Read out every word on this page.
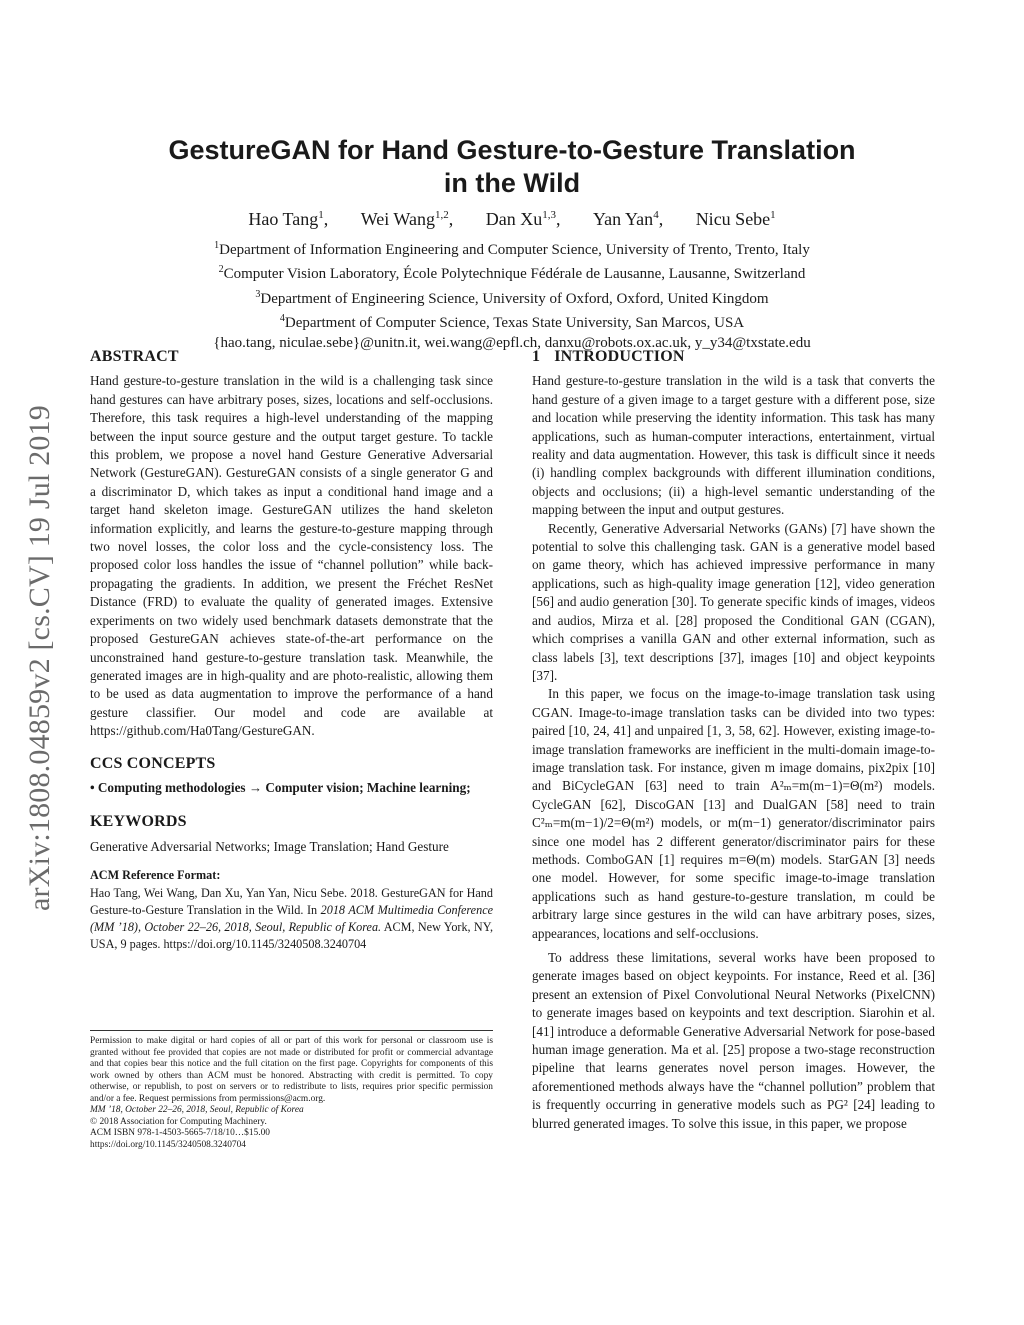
arXiv:1808.04859v2 [cs.CV] 19 Jul 2019
GestureGAN for Hand Gesture-to-Gesture Translation
in the Wild
Hao Tang$^1$, Wei Wang$^{1,2}$, Dan Xu$^{1,3}$, Yan Yan$^4$, Nicu Sebe$^1$
$^1$Department of Information Engineering and Computer Science, University of Trento, Trento, Italy
$^2$Computer Vision Laboratory, École Polytechnique Fédérale de Lausanne, Lausanne, Switzerland
$^3$Department of Engineering Science, University of Oxford, Oxford, United Kingdom
$^4$Department of Computer Science, Texas State University, San Marcos, USA
{hao.tang, niculae.sebe}@unitn.it, wei.wang@epfl.ch, danxu@robots.ox.ac.uk, y_y34@txstate.edu
ABSTRACT

Hand gesture-to-gesture translation in the wild is a challenging task since hand gestures can have arbitrary poses, sizes, locations and self-occlusions. Therefore, this task requires a high-level understanding of the mapping between the input source gesture and the output target gesture. To tackle this problem, we propose a novel hand Gesture Generative Adversarial Network (GestureGAN). GestureGAN consists of a single generator G and a discriminator D, which takes as input a conditional hand image and a target hand skeleton image. GestureGAN utilizes the hand skeleton information explicitly, and learns the gesture-to-gesture mapping through two novel losses, the color loss and the cycle-consistency loss. The proposed color loss handles the issue of “channel pollution” while back-propagating the gradients. In addition, we present the Fréchet ResNet Distance (FRD) to evaluate the quality of generated images. Extensive experiments on two widely used benchmark datasets demonstrate that the proposed GestureGAN achieves state-of-the-art performance on the unconstrained hand gesture-to-gesture translation task. Meanwhile, the generated images are in high-quality and are photo-realistic, allowing them to be used as data augmentation to improve the performance of a hand gesture classifier. Our model and code are available at https://github.com/Ha0Tang/GestureGAN.

CCS CONCEPTS

• Computing methodologies → Computer vision; Machine learning;

KEYWORDS

Generative Adversarial Networks; Image Translation; Hand Gesture

ACM Reference Format:
Hao Tang, Wei Wang, Dan Xu, Yan Yan, Nicu Sebe. 2018. GestureGAN for Hand Gesture-to-Gesture Translation in the Wild. In 2018 ACM Multimedia Conference (MM ’18), October 22–26, 2018, Seoul, Republic of Korea. ACM, New York, NY, USA, 9 pages. https://doi.org/10.1145/3240508.3240704
Permission to make digital or hard copies of all or part of this work for personal or classroom use is granted without fee provided that copies are not made or distributed for profit or commercial advantage and that copies bear this notice and the full citation on the first page. Copyrights for components of this work owned by others than ACM must be honored. Abstracting with credit is permitted. To copy otherwise, or republish, to post on servers or to redistribute to lists, requires prior specific permission and/or a fee. Request permissions from permissions@acm.org.
MM ’18, October 22–26, 2018, Seoul, Republic of Korea
© 2018 Association for Computing Machinery.
ACM ISBN 978-1-4503-5665-7/18/10…$15.00
https://doi.org/10.1145/3240508.3240704
1 INTRODUCTION

Hand gesture-to-gesture translation in the wild is a task that converts the hand gesture of a given image to a target gesture with a different pose, size and location while preserving the identity information. This task has many applications, such as human-computer interactions, entertainment, virtual reality and data augmentation. However, this task is difficult since it needs (i) handling complex backgrounds with different illumination conditions, objects and occlusions; (ii) a high-level semantic understanding of the mapping between the input and output gestures.

Recently, Generative Adversarial Networks (GANs) [7] have shown the potential to solve this challenging task. GAN is a generative model based on game theory, which has achieved impressive performance in many applications, such as high-quality image generation [12], video generation [56] and audio generation [30]. To generate specific kinds of images, videos and audios, Mirza et al. [28] proposed the Conditional GAN (CGAN), which comprises a vanilla GAN and other external information, such as class labels [3], text descriptions [37], images [10] and object keypoints [37].

In this paper, we focus on the image-to-image translation task using CGAN. Image-to-image translation tasks can be divided into two types: paired [10, 24, 41] and unpaired [1, 3, 58, 62]. However, existing image-to-image translation frameworks are inefficient in the multi-domain image-to-image translation task. For instance, given m image domains, pix2pix [10] and BiCycleGAN [63] need to train A²ₘ=m(m−1)=Θ(m²) models. CycleGAN [62], DiscoGAN [13] and DualGAN [58] need to train C²ₘ=m(m−1)/2=Θ(m²) models, or m(m−1) generator/discriminator pairs since one model has 2 different generator/discriminator pairs for these methods. ComboGAN [1] requires m=Θ(m) models. StarGAN [3] needs one model. However, for some specific image-to-image translation applications such as hand gesture-to-gesture translation, m could be arbitrary large since gestures in the wild can have arbitrary poses, sizes, appearances, locations and self-occlusions.

To address these limitations, several works have been proposed to generate images based on object keypoints. For instance, Reed et al. [36] present an extension of Pixel Convolutional Neural Networks (PixelCNN) to generate images based on keypoints and text description. Siarohin et al. [41] introduce a deformable Generative Adversarial Network for pose-based human image generation. Ma et al. [25] propose a two-stage reconstruction pipeline that learns generates novel person images. However, the aforementioned methods always have the “channel pollution” problem that is frequently occurring in generative models such as PG² [24] leading to blurred generated images. To solve this issue, in this paper, we propose
